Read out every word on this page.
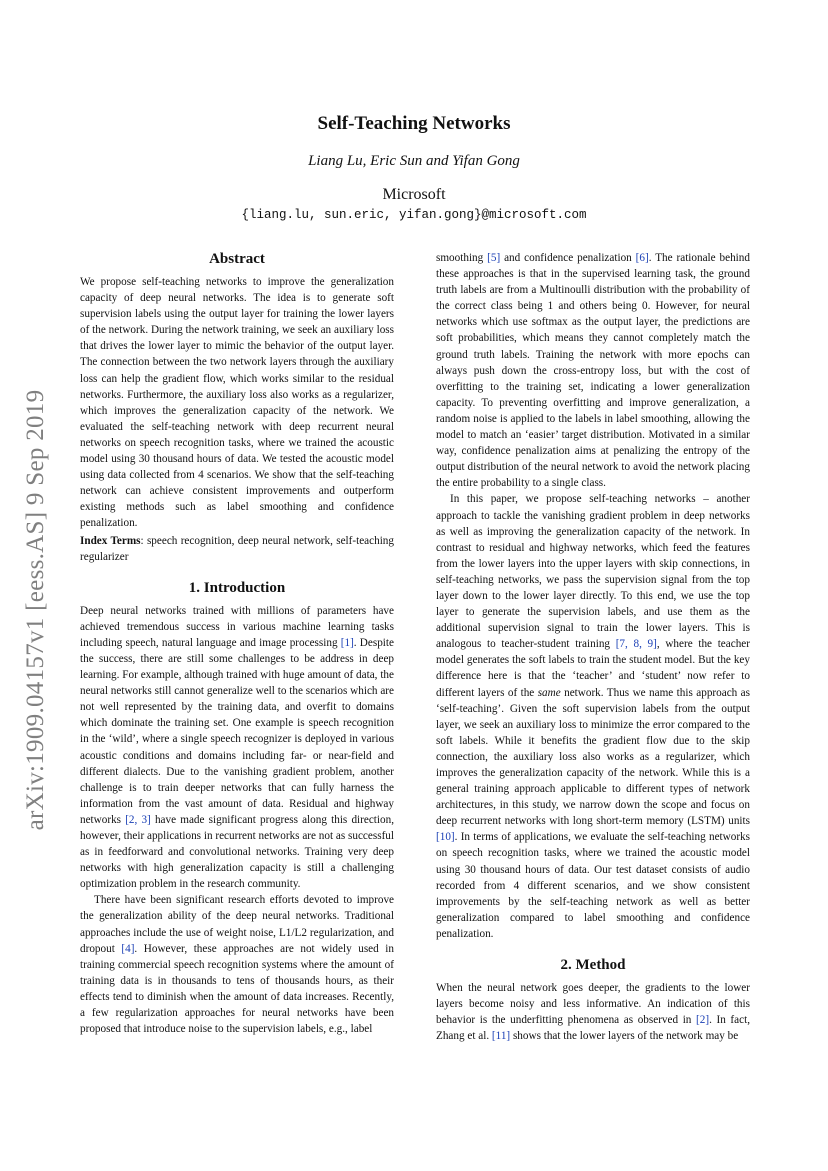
arXiv:1909.04157v1 [eess.AS] 9 Sep 2019
Self-Teaching Networks
Liang Lu, Eric Sun and Yifan Gong
Microsoft
{liang.lu, sun.eric, yifan.gong}@microsoft.com
Abstract

We propose self-teaching networks to improve the generalization capacity of deep neural networks. The idea is to generate soft supervision labels using the output layer for training the lower layers of the network. During the network training, we seek an auxiliary loss that drives the lower layer to mimic the behavior of the output layer. The connection between the two network layers through the auxiliary loss can help the gradient flow, which works similar to the residual networks. Furthermore, the auxiliary loss also works as a regularizer, which improves the generalization capacity of the network. We evaluated the self-teaching network with deep recurrent neural networks on speech recognition tasks, where we trained the acoustic model using 30 thousand hours of data. We tested the acoustic model using data collected from 4 scenarios. We show that the self-teaching network can achieve consistent improvements and outperform existing methods such as label smoothing and confidence penalization.

Index Terms: speech recognition, deep neural network, self-teaching regularizer

1. Introduction

Deep neural networks trained with millions of parameters have achieved tremendous success in various machine learning tasks including speech, natural language and image processing [1]. Despite the success, there are still some challenges to be address in deep learning. For example, although trained with huge amount of data, the neural networks still cannot generalize well to the scenarios which are not well represented by the training data, and overfit to domains which dominate the training set. One example is speech recognition in the ‘wild’, where a single speech recognizer is deployed in various acoustic conditions and domains including far- or near-field and different dialects. Due to the vanishing gradient problem, another challenge is to train deeper networks that can fully harness the information from the vast amount of data. Residual and highway networks [2, 3] have made significant progress along this direction, however, their applications in recurrent networks are not as successful as in feedforward and convolutional networks. Training very deep networks with high generalization capacity is still a challenging optimization problem in the research community.

There have been significant research efforts devoted to improve the generalization ability of the deep neural networks. Traditional approaches include the use of weight noise, L1/L2 regularization, and dropout [4]. However, these approaches are not widely used in training commercial speech recognition systems where the amount of training data is in thousands to tens of thousands hours, as their effects tend to diminish when the amount of data increases. Recently, a few regularization approaches for neural networks have been proposed that introduce noise to the supervision labels, e.g., label

smoothing [5] and confidence penalization [6]. The rationale behind these approaches is that in the supervised learning task, the ground truth labels are from a Multinoulli distribution with the probability of the correct class being 1 and others being 0. However, for neural networks which use softmax as the output layer, the predictions are soft probabilities, which means they cannot completely match the ground truth labels. Training the network with more epochs can always push down the cross-entropy loss, but with the cost of overfitting to the training set, indicating a lower generalization capacity. To preventing overfitting and improve generalization, a random noise is applied to the labels in label smoothing, allowing the model to match an ‘easier’ target distribution. Motivated in a similar way, confidence penalization aims at penalizing the entropy of the output distribution of the neural network to avoid the network placing the entire probability to a single class.

In this paper, we propose self-teaching networks – another approach to tackle the vanishing gradient problem in deep networks as well as improving the generalization capacity of the network. In contrast to residual and highway networks, which feed the features from the lower layers into the upper layers with skip connections, in self-teaching networks, we pass the supervision signal from the top layer down to the lower layer directly. To this end, we use the top layer to generate the supervision labels, and use them as the additional supervision signal to train the lower layers. This is analogous to teacher-student training [7, 8, 9], where the teacher model generates the soft labels to train the student model. But the key difference here is that the ‘teacher’ and ‘student’ now refer to different layers of the same network. Thus we name this approach as ‘self-teaching’. Given the soft supervision labels from the output layer, we seek an auxiliary loss to minimize the error compared to the soft labels. While it benefits the gradient flow due to the skip connection, the auxiliary loss also works as a regularizer, which improves the generalization capacity of the network. While this is a general training approach applicable to different types of network architectures, in this study, we narrow down the scope and focus on deep recurrent networks with long short-term memory (LSTM) units [10]. In terms of applications, we evaluate the self-teaching networks on speech recognition tasks, where we trained the acoustic model using 30 thousand hours of data. Our test dataset consists of audio recorded from 4 different scenarios, and we show consistent improvements by the self-teaching network as well as better generalization compared to label smoothing and confidence penalization.

2. Method

When the neural network goes deeper, the gradients to the lower layers become noisy and less informative. An indication of this behavior is the underfitting phenomena as observed in [2]. In fact, Zhang et al. [11] shows that the lower layers of the network may be
